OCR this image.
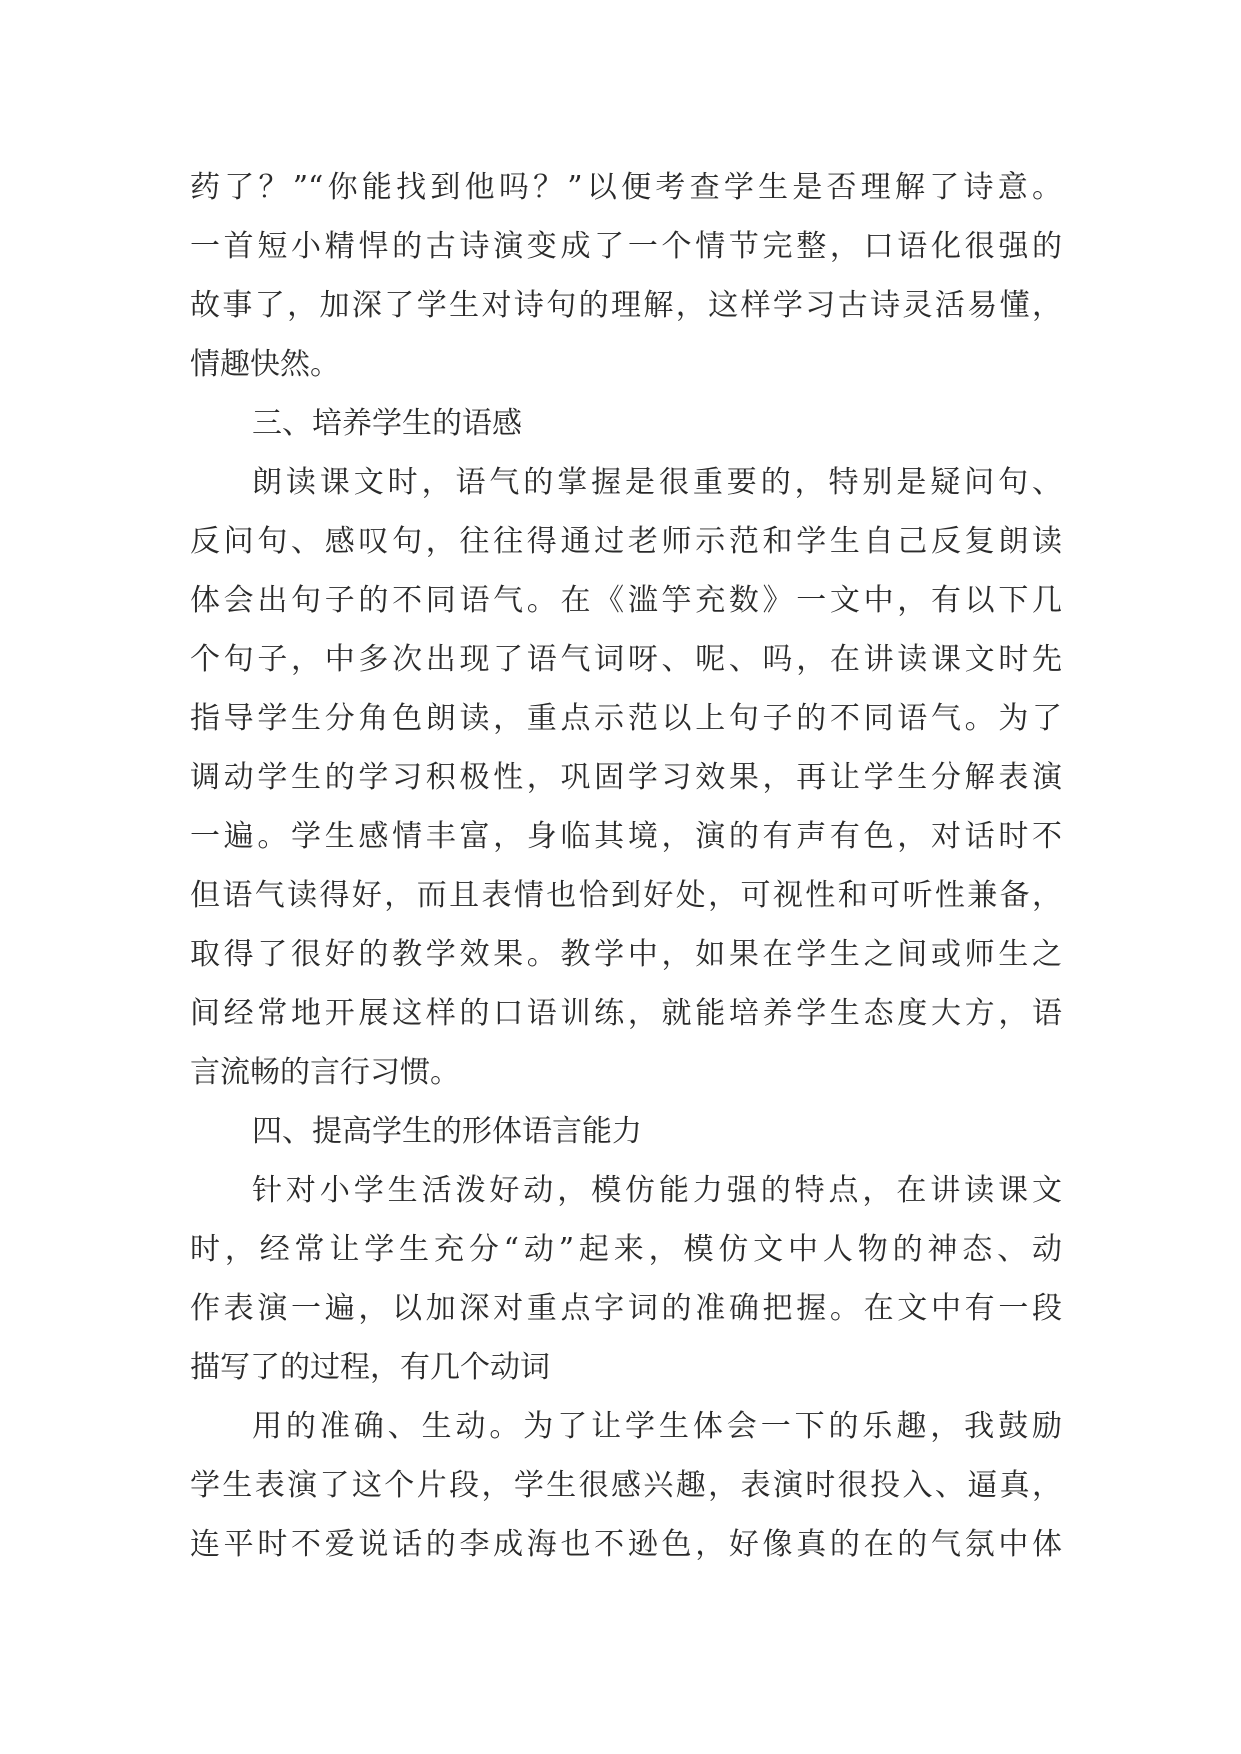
药了？”“你能找到他吗？”以便考查学生是否理解了诗意。
一首短小精悍的古诗演变成了一个情节完整，口语化很强的
故事了，加深了学生对诗句的理解，这样学习古诗灵活易懂，
情趣快然。
三、培养学生的语感
朗读课文时，语气的掌握是很重要的，特别是疑问句、
反问句、感叹句，往往得通过老师示范和学生自己反复朗读
体会出句子的不同语气。在《滥竽充数》一文中，有以下几
个句子，中多次出现了语气词呀、呢、吗，在讲读课文时先
指导学生分角色朗读，重点示范以上句子的不同语气。为了
调动学生的学习积极性，巩固学习效果，再让学生分解表演
一遍。学生感情丰富，身临其境，演的有声有色，对话时不
但语气读得好，而且表情也恰到好处，可视性和可听性兼备，
取得了很好的教学效果。教学中，如果在学生之间或师生之
间经常地开展这样的口语训练，就能培养学生态度大方，语
言流畅的言行习惯。
四、提高学生的形体语言能力
针对小学生活泼好动，模仿能力强的特点，在讲读课文
时，经常让学生充分“动”起来，模仿文中人物的神态、动
作表演一遍，以加深对重点字词的准确把握。在文中有一段
描写了的过程，有几个动词
用的准确、生动。为了让学生体会一下的乐趣，我鼓励
学生表演了这个片段，学生很感兴趣，表演时很投入、逼真，
连平时不爱说话的李成海也不逊色，好像真的在的气氛中体
